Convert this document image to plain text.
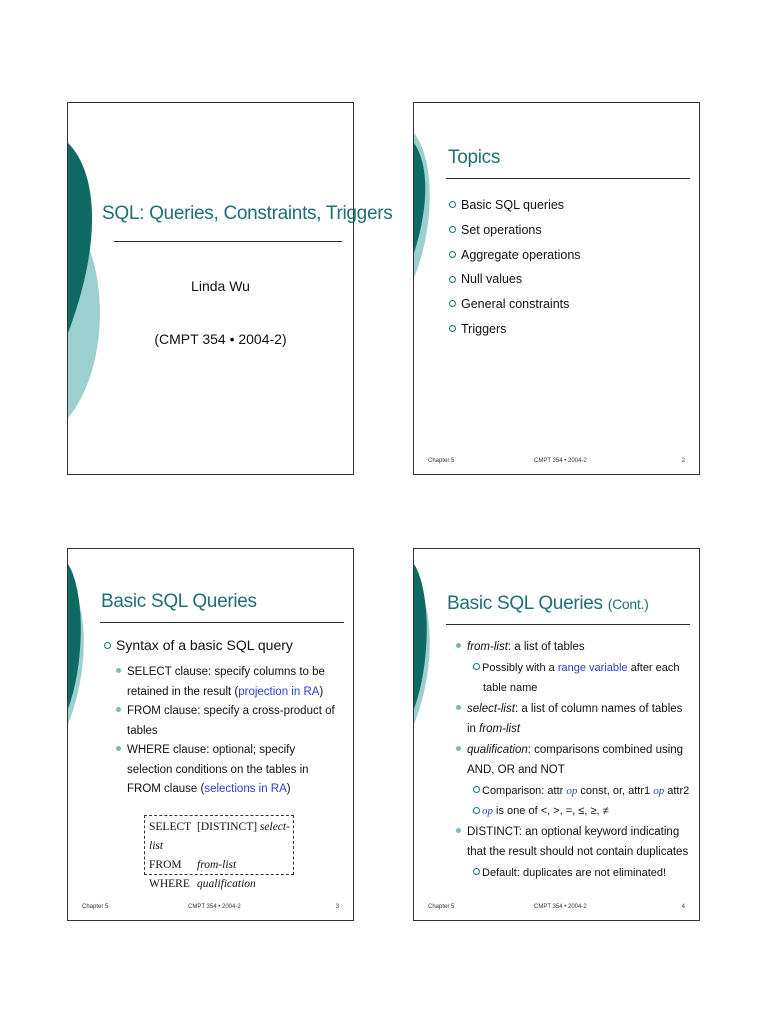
SQL: Queries, Constraints, Triggers
Linda Wu
(CMPT 354 • 2004-2)
Topics
Basic SQL queries
Set operations
Aggregate operations
Null values
General constraints
Triggers
Chapter 5	CMPT 354 • 2004-2	2
Basic SQL Queries
Syntax of a basic SQL query
SELECT clause: specify columns to be retained in the result (projection in RA)
FROM clause: specify a cross-product of tables
WHERE clause: optional; specify selection conditions on the tables in FROM clause (selections in RA)
SELECT [DISTINCT] select-list
FROM from-list
WHERE qualification
Chapter 5	CMPT 354 • 2004-2	3
Basic SQL Queries (Cont.)
from-list: a list of tables
Possibly with a range variable after each table name
select-list: a list of column names of tables in from-list
qualification: comparisons combined using AND, OR and NOT
Comparison: attr op const, or, attr1 op attr2
op is one of <, >, =, ≤, ≥, ≠
DISTINCT: an optional keyword indicating that the result should not contain duplicates
Default: duplicates are not eliminated!
Chapter 5	CMPT 354 • 2004-2	4
